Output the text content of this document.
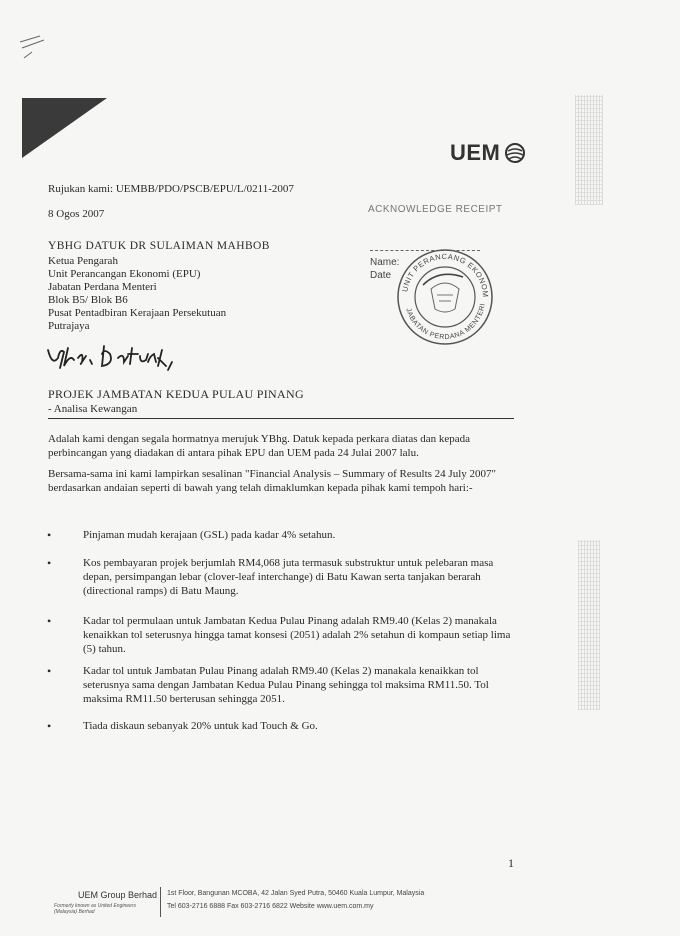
UEM
Rujukan kami: UEMBB/PDO/PSCB/EPU/L/0211-2007
8 Ogos 2007	ACKNOWLEDGE RECEIPT
Name:
Date
UNIT PERANCANG EKONOM
JABATAN PERDANA MENTERI
YBHG DATUK DR SULAIMAN MAHBOB
Ketua Pengarah
Unit Perancangan Ekonomi (EPU)
Jabatan Perdana Menteri
Blok B5/ Blok B6
Pusat Pentadbiran Kerajaan Persekutuan
Putrajaya
PROJEK JAMBATAN KEDUA PULAU PINANG
- Analisa Kewangan
Adalah kami dengan segala hormatnya merujuk YBhg. Datuk kepada perkara diatas dan kepada perbincangan yang diadakan di antara pihak EPU dan UEM pada 24 Julai 2007 lalu.
Bersama-sama ini kami lampirkan sesalinan "Financial Analysis – Summary of Results 24 July 2007" berdasarkan andaian seperti di bawah yang telah dimaklumkan kepada pihak kami tempoh hari:-
•	Pinjaman mudah kerajaan (GSL) pada kadar 4% setahun.
•	Kos pembayaran projek berjumlah RM4,068 juta termasuk substruktur untuk pelebaran masa depan, persimpangan lebar (clover-leaf interchange) di Batu Kawan serta tanjakan berarah (directional ramps) di Batu Maung.
•	Kadar tol permulaan untuk Jambatan Kedua Pulau Pinang adalah RM9.40 (Kelas 2) manakala kenaikkan tol seterusnya hingga tamat konsesi (2051) adalah 2% setahun di kompaun setiap lima (5) tahun.
•	Kadar tol untuk Jambatan Pulau Pinang adalah RM9.40 (Kelas 2) manakala kenaikkan tol seterusnya sama dengan Jambatan Kedua Pulau Pinang sehingga tol maksima RM11.50. Tol maksima RM11.50 berterusan sehingga 2051.
•	Tiada diskaun sebanyak 20% untuk kad Touch & Go.
1
UEM Group Berhad
Formerly known as United Engineers (Malaysia) Berhad
1st Floor, Bangunan MCOBA, 42 Jalan Syed Putra, 50460 Kuala Lumpur, Malaysia
Tel 603-2716 6888 Fax 603-2716 6822 Website www.uem.com.my
